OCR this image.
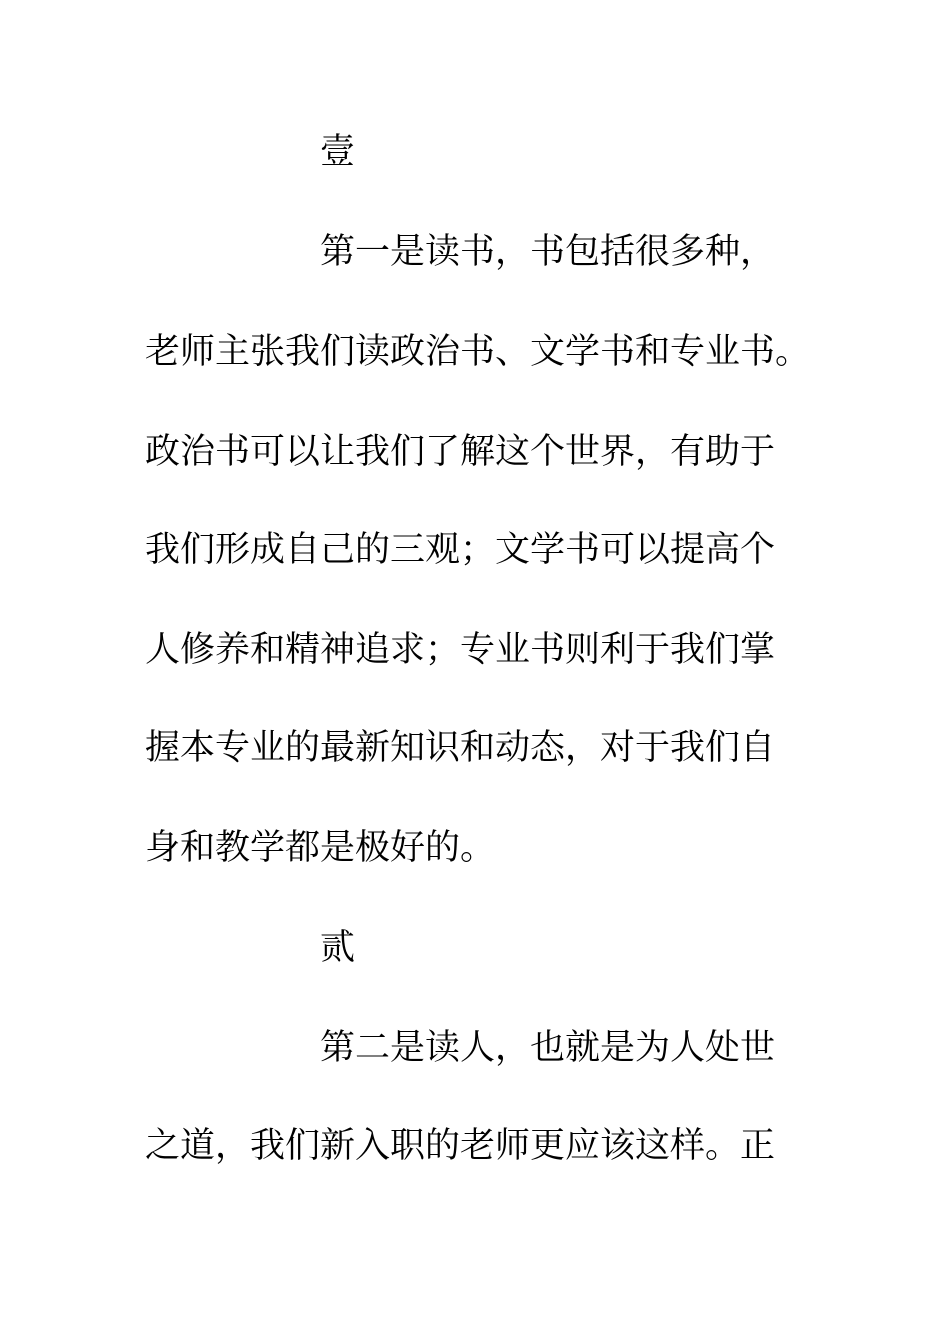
壹
第一是读书，书包括很多种，
老师主张我们读政治书、文学书和专业书。
政治书可以让我们了解这个世界，有助于
我们形成自己的三观；文学书可以提高个
人修养和精神追求；专业书则利于我们掌
握本专业的最新知识和动态，对于我们自
身和教学都是极好的。
贰
第二是读人，也就是为人处世
之道，我们新入职的老师更应该这样。正
